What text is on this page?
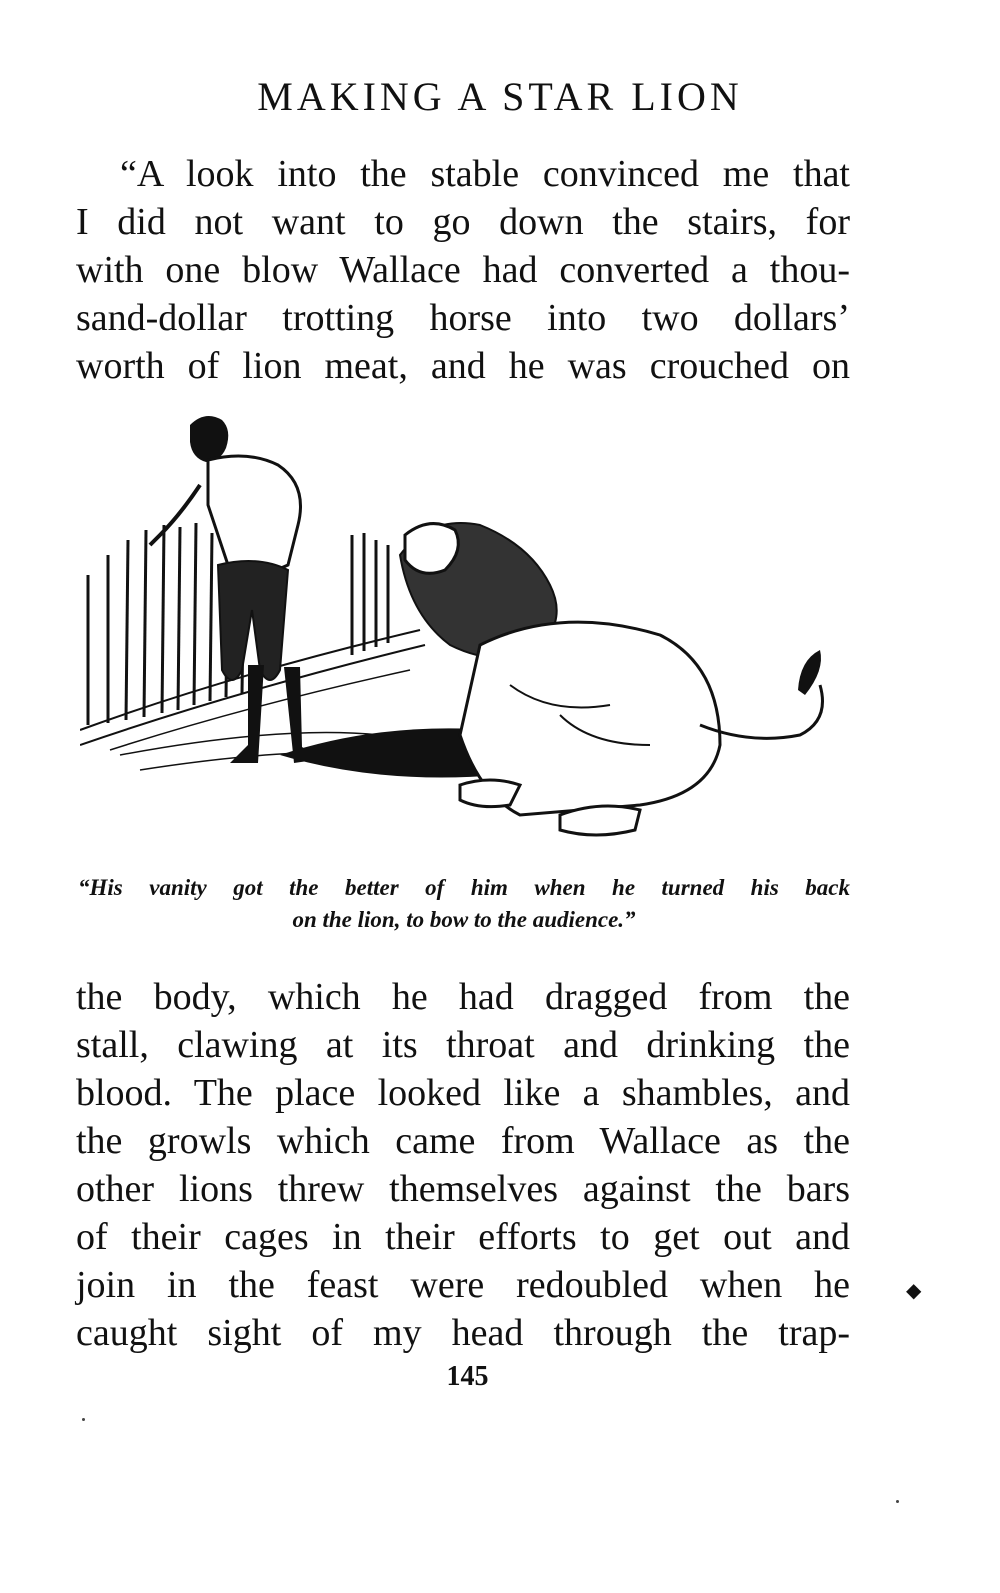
MAKING A STAR LION
“A look into the stable convinced me that
I did not want to go down the stairs, for
with one blow Wallace had converted a thou-
sand-dollar trotting horse into two dollars’
worth of lion meat, and he was crouched on

“His vanity got the better of him when he turned his back
on the lion, to bow to the audience.”

the body, which he had dragged from the
stall, clawing at its throat and drinking the
blood. The place looked like a shambles, and
the growls which came from Wallace as the
other lions threw themselves against the bars
of their cages in their efforts to get out and
join in the feast were redoubled when he
caught sight of my head through the trap-
◆
145
